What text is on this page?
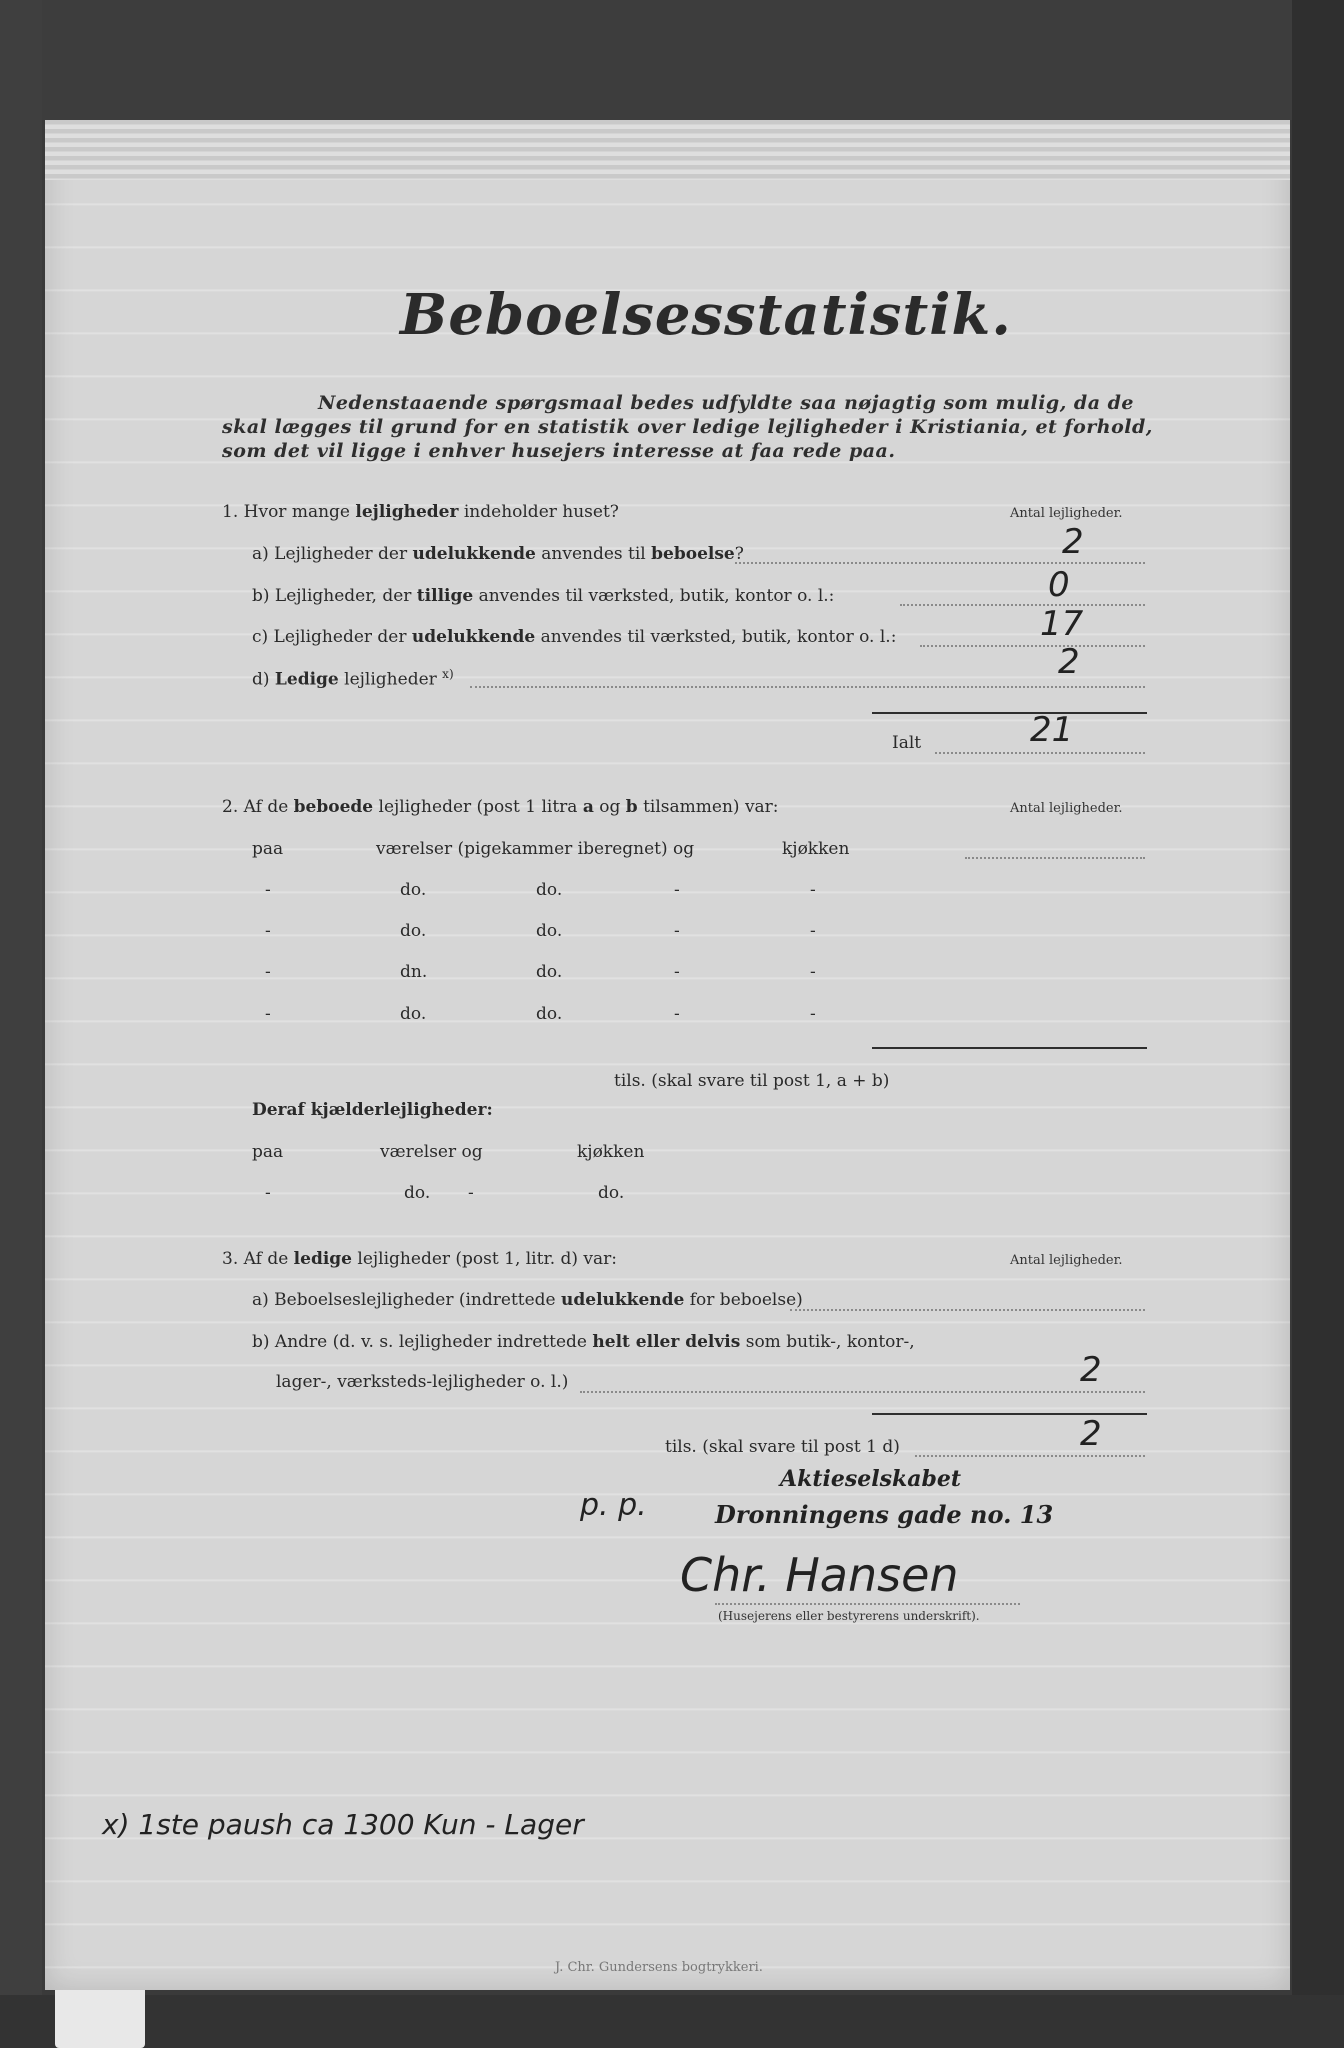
Beboelsesstatistik.
Nedenstaaende spørgsmaal bedes udfyldte saa nøjagtig som mulig, da de
skal lægges til grund for en statistik over ledige lejligheder i Kristiania, et forhold,
som det vil ligge i enhver husejers interesse at faa rede paa.
1. Hvor mange lejligheder indeholder huset?	Antal lejligheder.
a) Lejligheder der udelukkende anvendes til beboelse?	2
b) Lejligheder, der tillige anvendes til værksted, butik, kontor o. l.:	0
c) Lejligheder der udelukkende anvendes til værksted, butik, kontor o. l.:	17
d) Ledige lejligheder $^{x)}$	2
Ialt	21
2. Af de beboede lejligheder (post 1 litra a og b tilsammen) var:	Antal lejligheder.
paa	værelser (pigekammer iberegnet) og	kjøkken
-	do.	do.	-	-
-	do.	do.	-	-
-	dn.	do.	-	-
-	do.	do.	-	-
tils. (skal svare til post 1, a + b)
Deraf kjælderlejligheder:
paa	værelser og	kjøkken
-	do. -	do.
3. Af de ledige lejligheder (post 1, litr. d) var:	Antal lejligheder.
a) Beboelseslejligheder (indrettede udelukkende for beboelse)
b) Andre (d. v. s. lejligheder indrettede helt eller delvis som butik-, kontor-,
lager-, værksteds-lejligheder o. l.)	2
tils. (skal svare til post 1 d)	2
p. p.
Aktieselskabet
Dronningens gade no. 13
Chr. Hansen
(Husejerens eller bestyrerens underskrift).
x) 1ste paush ca 1300 Kun - Lager
J. Chr. Gundersens bogtrykkeri.
